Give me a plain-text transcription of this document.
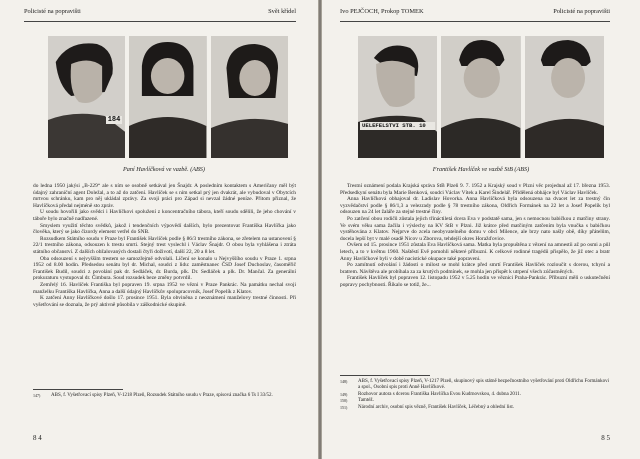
Policisté na popravišti	Svět křídel
184
Paní Havlíčková ve vazbě. (ABS)

do ledna 1950 jakýsi „B-229“ ale s ním se osobně setkával jen Šnajdr. A posledním kontaktem s Američany měl být údajný zahraniční agent Doležal, a to až do zatčení. Havlíček se s ním setkal prý jen dvakrát, ale vybudoval v Obytcích mrtvou schránku, kam pro něj ukládal zprávy. Za svoji práci pro Západ si nevzal žádné peníze. Přitom přiznal, že Havlíčková předal nejméně sto zpráv.

U soudu hovořili jako svědci i Havlíčkovi spolužení z koncentračního tábora, kteří soudu sdělili, že jeho chování v táboře bylo značně nadřazené.

Smyslem využití těchto svědků, jakož i tendenčních výpovědí dalších, bylo prezentovat Františka Havlíčka jako člověka, který se jako čizordy element vetřel do SNB.

Rozsudkem Státního soudu v Praze byl František Havlíček podle § 86/3 trestního zákona, se zřetelem na ustanovení § 22/1 trestního zákona, odsouzen k trestu smrti. Stejný trest vyslechl i Václav Šnajdr. O obou byla vyhlášena i ztráta státního občanství. Z dalších obžalovaných dostali čtyři doživotí, další 22, 20 a 8 let.

Oba odsouzení s nejvyšším trestem se samozřejmě odvolali. Líčení se konalo u Nejvyššího soudu v Praze 1. srpna 1952 od 8.00 hodin. Předsedou senátu byl dr. Michal, soudci z lidu: zaměstnanec ČSD Josef Duchoslav, časoměřič František Budil, soudci z povolání pak dr. Sedláček, dr. Burda, plk. Dr. Sedláček a plk. Dr. Mančal. Za generální prokuraturu vystupoval dr. Čimbura. Soud rozsudek beze změny potvrdil.

Zemřelý 16. Havlíček Františka byl popraven 19. srpna 1952 ve vězni v Praze Pankrác. Na památku nechal svoji manželku Františka Havlíčka, Anna a další údajný Havlíčkův spolupracovník, Josef Popelík z Klatov.

K zatčení Anny Havlíčkové došlo 17. prosince 1951. Byla obviněna z neoznámení manželovy trestné činnosti. Při vyšetřování se doznala, že prý aktivně působila v záškodnické skupině.

147)	ABS, f. Vyšetřovací spisy Plzeň, V-1218 Plzeň, Rozsudek Státního soudu v Praze, spisová značka 6 Ts I 33/52.
8 4
Ivo PEJČOCH, Prokop TOMEK	Policisté na popravišti
UELEFELSTVI STB. 10
František Havlíček ve vazbě StB (ABS)

Trestní oznámení podala Krajská správa StB Plzeň 9. 7. 1952 a Krajský soud v Plzni věc projednal až 17. března 1953. Předsedkyní senátu byla Marie Benková, soudci Václav Vítek a Karel Šindelář. Přidělená obhájce byl Václav Havlíček.

Anna Havlíčková obhajoval dr. Ladislav Hovorka. Anna Havlíčková byla odsouzena na dvacet let za trestný čin vyzvědačství podle § 86/1,3 a velezrady podle § 78 trestního zákona, Oldřich Formánek na 22 let a Josef Popelík byl odsouzen na 24 let žaláře za stejné trestné činy.

Po zatčení obou rodičů zůstala jejich třináctiletá dcera Eva v podstatě sama, jen s nemocnou babičkou z matčiny strany. Ve svém věku sama žačila i výslechy na KV StB v Plzni. Již krátce před matčiným zatčením byla vnučka s babičkou vystěhována z Klatov. Nejprve do zcela neobyvatelného domu v obci Milence, ale brzy nato našly obě, díky přátelům, docela lepší byt v malé osadě Nicov u Zborova, tehdejší okres Horažďovice.

Ovšem od 15. prosince 1951 zůstala Eva Havlíčková sama. Matka byla propuštěna z vězení na amnestii až po osmi a půl letech, a to v květnu 1960. Naštěstí Evě pomohli některé příbuzní. K celkové rodinné tragédii přispělo, že již otec a bratr Anny Havlíčkové byli v době nacistické okupace také popraveni.

Po zamítnutí odvolání i žádosti o milost se mohl krátce před smrtí František Havlíček rozloučit s dcerou, tchyní a bratrem. Návštěva ale probíhala za za krutých podmínek, se mohla jen přispět k utrpení všech zúčastněných.

František Havlíček byl popraven 12. listopadu 1952 v 5.25 hodin ve věznici Praha-Pankrác. Příbuzní měli o uskutečnění popravy pochybnosti. Říkalo se totiž, že...

148)	ABS, f. Vyšetřovací spisy Plzeň, V-1217 Plzeň, skupinový spis státně bezpečnostního vyšetřování proti Oldřichu Formánkovi a spol., Osobní spis proti Anně Havlíčkové.
149)	Rozhovor autora s dcerou Františka Havlíčka Evou Kudrnovskou, 4. dubna 2011.
150)	Tamtéž.
151)	Národní archiv, osobní spis vězně, František Havlíček, Léčebný a ohlední list.
8 5
